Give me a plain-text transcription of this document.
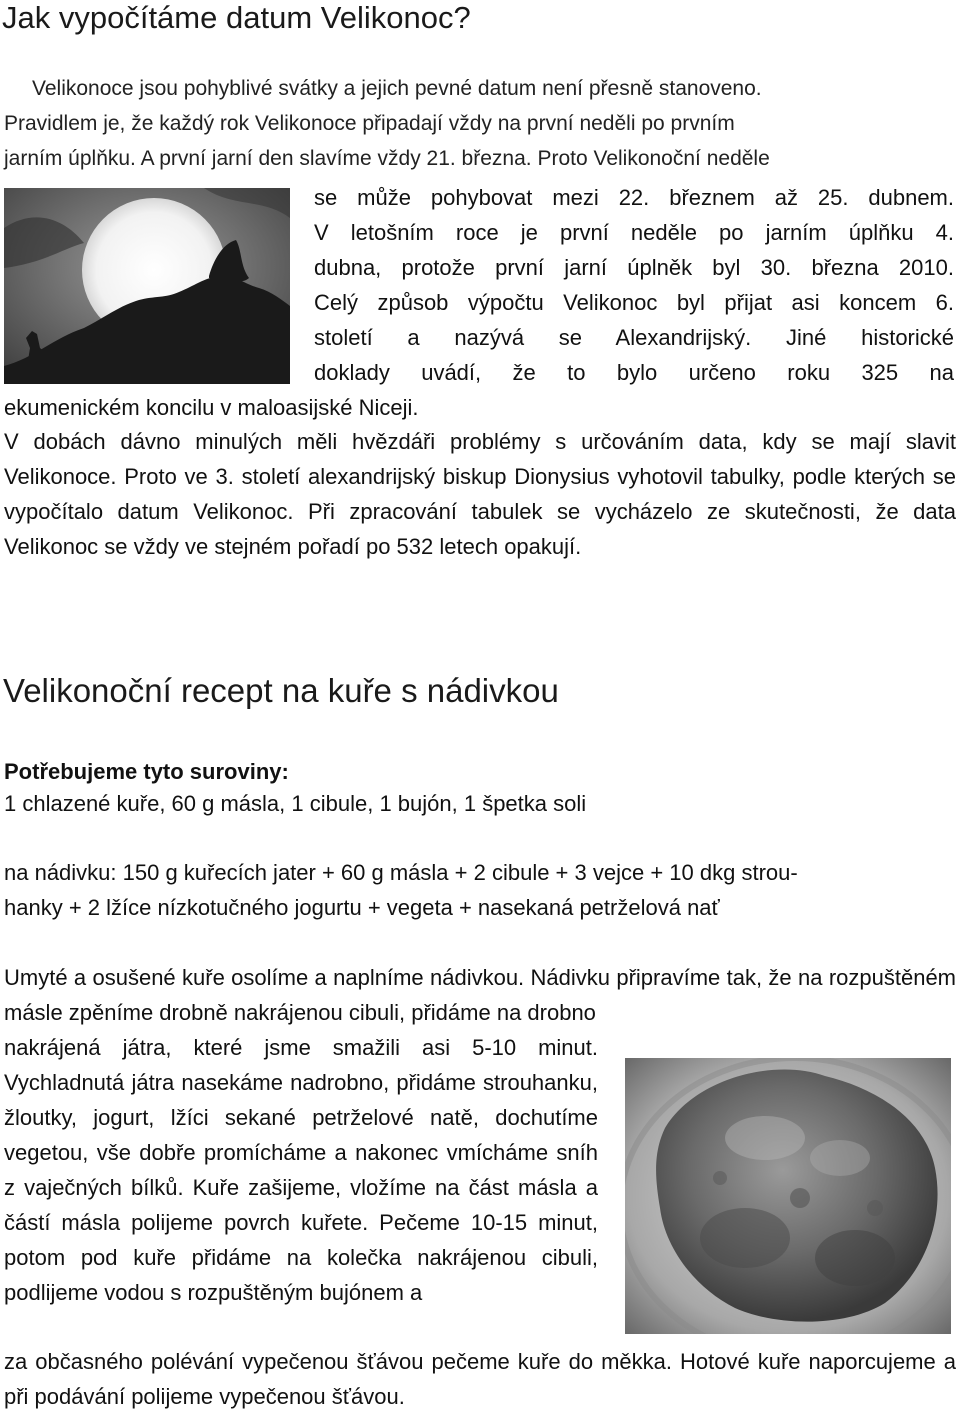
Jak vypočítáme datum Velikonoc?
Velikonoce jsou pohyblivé svátky a jejich pevné datum není přesně stanoveno.
Pravidlem je, že každý rok Velikonoce připadají vždy na první neděli po prvním
jarním úplňku. A první jarní den slavíme vždy 21. března. Proto Velikonoční neděle
se může pohybovat mezi 22. březnem až 25. dubnem.
V letošním roce je první neděle po jarním úplňku 4.
dubna, protože první jarní úplněk byl 30. března 2010.
Celý způsob výpočtu Velikonoc byl přijat asi koncem 6.
století a nazývá se Alexandrijský. Jiné historické
doklady uvádí, že to bylo určeno roku 325 na
ekumenickém koncilu v maloasijské Niceji.
V dobách dávno minulých měli hvězdáři problémy s určováním data, kdy se mají slavit Velikonoce. Proto ve 3. století alexandrijský biskup Dionysius vyhotovil tabulky, podle kterých se vypočítalo datum Velikonoc. Při zpracování tabulek se vycházelo ze skutečnosti, že data Velikonoc se vždy ve stejném pořadí po 532 letech opakují.
Velikonoční recept na kuře s nádivkou
Potřebujeme tyto suroviny:
1 chlazené kuře, 60 g másla, 1 cibule, 1 bujón, 1 špetka soli
na nádivku: 150 g kuřecích jater + 60 g másla + 2 cibule + 3 vejce + 10 dkg strou-
hanky + 2 lžíce nízkotučného jogurtu + vegeta + nasekaná petrželová nať
Umyté a osušené kuře osolíme a naplníme nádivkou. Nádivku připravíme tak, že na rozpuštěném másle zpěníme drobně nakrájenou cibuli, přidáme na drobno
nakrájená játra, které jsme smažili asi 5-10 minut. Vychladnutá játra nasekáme nadrobno, přidáme strouhanku, žloutky, jogurt, lžíci sekané petrželové natě, dochutíme vegetou, vše dobře promícháme a nakonec vmícháme sníh z vaječných bílků. Kuře zašijeme, vložíme na část másla a částí másla polijeme povrch kuřete. Pečeme 10-15 minut, potom pod kuře přidáme na kolečka nakrájenou cibuli, podlijeme vodou s rozpuštěným bujónem a
za občasného polévání vypečenou šťávou pečeme kuře do měkka. Hotové kuře naporcujeme a při podávání polijeme vypečenou šťávou.
